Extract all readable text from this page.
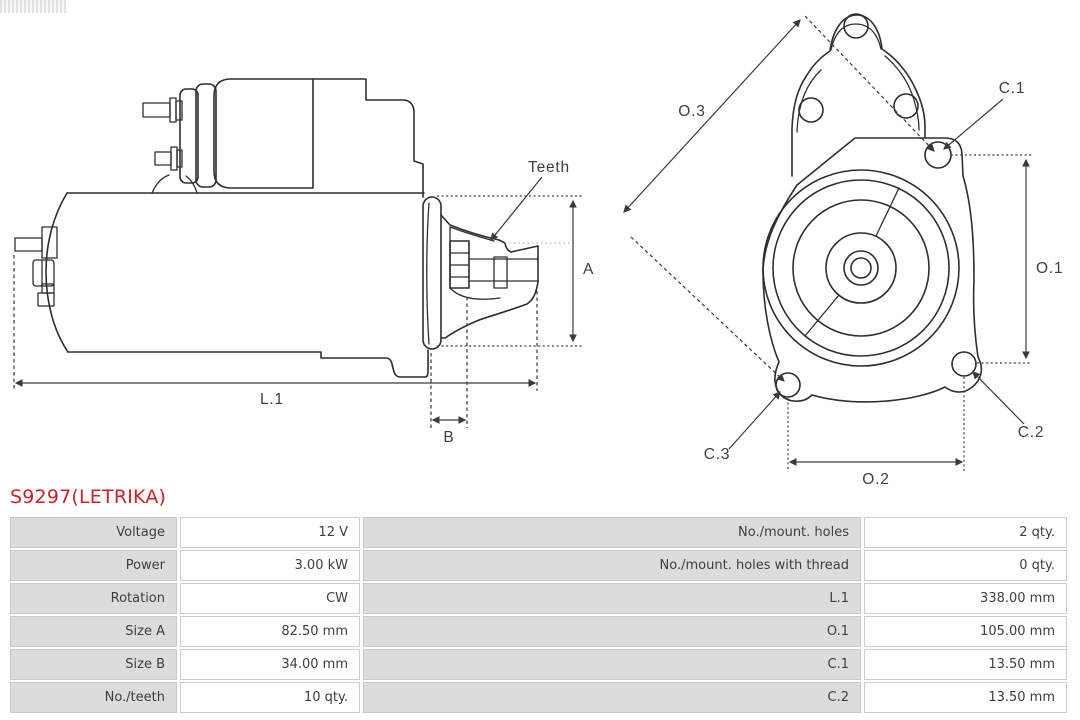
A
Teeth
L.1
B
O.3
C.1
O.1
C.2
C.3
O.2
S9297(LETRIKA)
Voltage	12 V	No./mount. holes	2 qty.
Power	3.00 kW	No./mount. holes with thread	0 qty.
Rotation	CW	L.1	338.00 mm
Size A	82.50 mm	O.1	105.00 mm
Size B	34.00 mm	C.1	13.50 mm
No./teeth	10 qty.	C.2	13.50 mm
